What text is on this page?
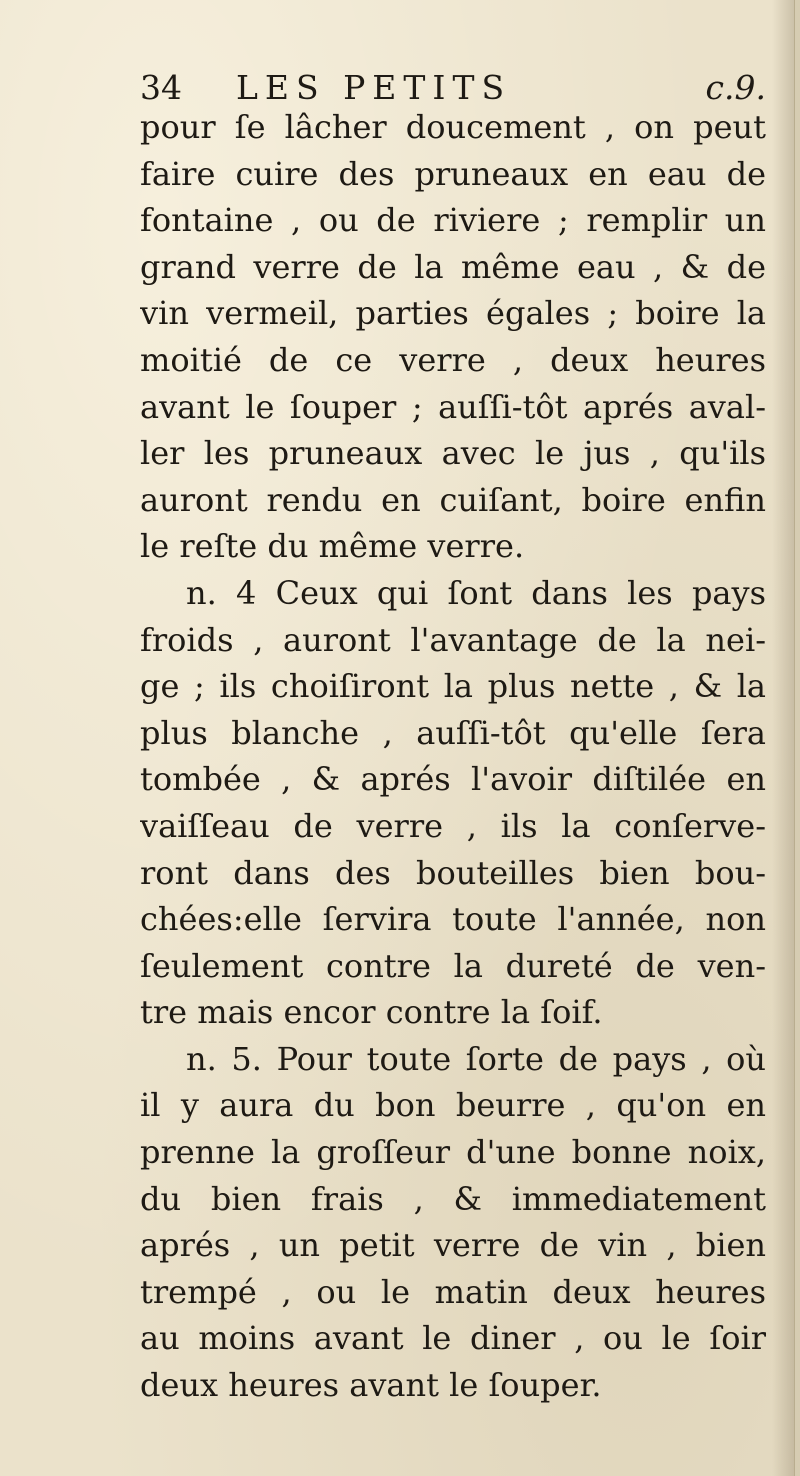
34 LES PETITS	c.9.
pour ſe lâcher doucement , on peut
faire cuire des pruneaux en eau de
fontaine , ou de riviere ; remplir un
grand verre de la même eau , & de
vin vermeil, parties égales ; boire la
moitié de ce verre , deux heures
avant le ſouper ; auſſi-tôt aprés aval-
ler les pruneaux avec le jus , qu'ils
auront rendu en cuiſant, boire enfin
le reſte du même verre.
n. 4 Ceux qui ſont dans les pays
froids , auront l'avantage de la nei-
ge ; ils choiſiront la plus nette , & la
plus blanche , auſſi-tôt qu'elle ſera
tombée , & aprés l'avoir diſtilée en
vaiſſeau de verre , ils la conſerve-
ront dans des bouteilles bien bou-
chées:elle ſervira toute l'année, non
ſeulement contre la dureté de ven-
tre mais encor contre la ſoif.
n. 5. Pour toute ſorte de pays , où
il y aura du bon beurre , qu'on en
prenne la groſſeur d'une bonne noix,
du bien frais , & immediatement
aprés , un petit verre de vin , bien
trempé , ou le matin deux heures
au moins avant le diner , ou le ſoir
deux heures avant le ſouper.
